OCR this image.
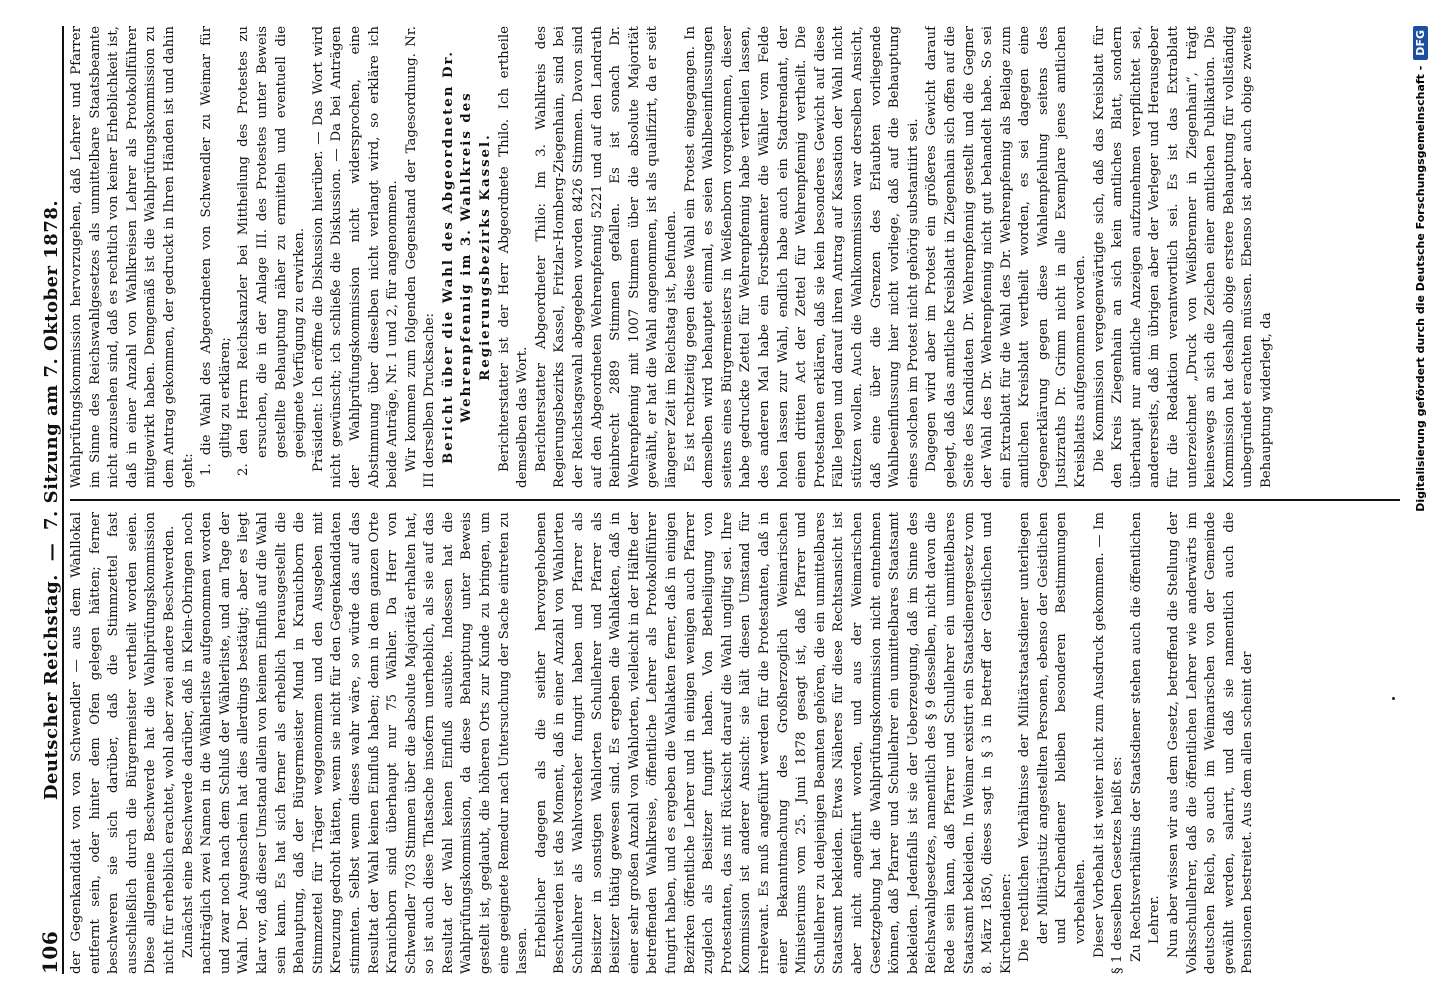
106
Deutscher Reichstag. — 7. Sitzung am 7. Oktober 1878.

der Gegenkandidat von von Schwendler — aus dem Wahllokal entfernt sein, oder hinter dem Ofen gelegen hätten; ferner beschweren sie sich darüber, daß die Stimmzettel fast ausschließlich durch die Bürgermeister vertheilt worden seien. Diese allgemeine Beschwerde hat die Wahlprüfungskommission nicht für erheblich erachtet, wohl aber zwei andere Beschwerden. Zunächst eine Beschwerde darüber, daß in Klein-Obringen noch nachträglich zwei Namen in die Wählerliste aufgenommen worden und zwar noch nach dem Schluß der Wählerliste, und am Tage der Wahl. Der Augenschein hat dies allerdings bestätigt; aber es liegt klar vor, daß dieser Umstand allein von keinem Einfluß auf die Wahl sein kann. Es hat sich ferner als erheblich herausgestellt die Behauptung, daß der Bürgermeister Mund in Kranichborn die Stimmzettel für Träger weggenommen und den Ausgeben mit Kreuzung gedroht hätten, wenn sie nicht für den Gegenkandidaten stimmten. Selbst wenn dieses wahr wäre, so würde das auf das Resultat der Wahl keinen Einfluß haben; denn in dem ganzen Orte Kranichborn sind überhaupt nur 75 Wähler. Da Herr von Schwendler 703 Stimmen über die absolute Majorität erhalten hat, so ist auch diese Thatsache insofern unerheblich, als sie auf das Resultat der Wahl keinen Einfluß ausübte. Indessen hat die Wahlprüfungskommission, da diese Behauptung unter Beweis gestellt ist, geglaubt, die höheren Orts zur Kunde zu bringen, um eine geeignete Remedur nach Untersuchung der Sache eintreten zu lassen. Erheblicher dagegen als die seither hervorgehobenen Beschwerden ist das Moment, daß in einer Anzahl von Wahlorten Schullehrer als Wahlvorsteher fungirt haben und Pfarrer als Beisitzer in sonstigen Wahlorten Schullehrer und Pfarrer als Beisitzer thätig gewesen sind. Es ergeben die Wahlakten, daß in einer sehr großen Anzahl von Wahlorten, vielleicht in der Hälfte der betreffenden Wahlkreise, öffentliche Lehrer als Protokollführer fungirt haben, und es ergeben die Wahlakten ferner, daß in einigen Bezirken öffentliche Lehrer und in einigen wenigen auch Pfarrer zugleich als Beisitzer fungirt haben. Von Betheiligung von Protestanten, das mit Rücksicht darauf die Wahl ungiltig sei. Ihre Kommission ist anderer Ansicht: sie hält diesen Umstand für irrelevant. Es muß angeführt werden für die Protestanten, daß in einer Bekanntmachung des Großherzoglich Weimarischen Ministeriums vom 25. Juni 1878 gesagt ist, daß Pfarrer und Schullehrer zu denjenigen Beamten gehören, die ein unmittelbares Staatsamt bekleiden. Etwas Näheres für diese Rechtsansicht ist aber nicht angeführt worden, und aus der Weimarischen Gesetzgebung hat die Wahlprüfungskommission nicht entnehmen können, daß Pfarrer und Schullehrer ein unmittelbares Staatsamt bekleiden. Jedenfalls ist sie der Ueberzeugung, daß im Sinne des Reichswahlgesetzes, namentlich des § 9 desselben, nicht davon die Rede sein kann, daß Pfarrer und Schullehrer ein unmittelbares Staatsamt bekleiden. In Weimar existirt ein Staatsdienergesetz vom 8. März 1850, dieses sagt in § 3 in Betreff der Geistlichen und Kirchendiener: Die rechtlichen Verhältnisse der Militärstaatsdiener unterliegen der Militärjustiz angestellten Personen, ebenso der Geistlichen und Kirchendiener bleiben besonderen Bestimmungen vorbehalten. Dieser Vorbehalt ist weiter nicht zum Ausdruck gekommen. — Im § 1 desselben Gesetzes heißt es: Zu Rechtsverhältnis der Staatsdiener stehen auch die öffentlichen Lehrer. Nun aber wissen wir aus dem Gesetz, betreffend die Stellung der Volksschullehrer, daß die öffentlichen Lehrer wie anderwärts im deutschen Reich, so auch im Weimarischen von der Gemeinde gewählt werden, salarirt, und daß sie namentlich auch die Pensionen bestreitet. Aus dem allen scheint der

Wahlprüfungskommission hervorzugehen, daß Lehrer und Pfarrer im Sinne des Reichswahlgesetzes als unmittelbare Staatsbeamte nicht anzusehen sind, daß es rechtlich von keiner Erheblichkeit ist, daß in einer Anzahl von Wahlkreisen Lehrer als Protokollführer mitgewirkt haben. Demgemäß ist die Wahlprüfungskommission zu dem Antrag gekommen, der gedruckt in Ihren Händen ist und dahin geht: 1. die Wahl des Abgeordneten von Schwendler zu Weimar für giltig zu erklären; 2. den Herrn Reichskanzler bei Mittheilung des Protestes zu ersuchen, die in der Anlage III. des Protestes unter Beweis gestellte Behauptung näher zu ermitteln und eventuell die geeignete Verfügung zu erwirken. Präsident: Ich eröffne die Diskussion hierüber. — Das Wort wird nicht gewünscht; ich schließe die Diskussion. — Da bei Anträgen der Wahlprüfungskommission nicht widersprochen, eine Abstimmung über dieselben nicht verlangt wird, so erkläre ich beide Anträge, Nr. 1 und 2, für angenommen. Wir kommen zum folgenden Gegenstand der Tagesordnung. Nr. III derselben Drucksache: Bericht über die Wahl des Abgeordneten Dr. Wehrenpfennig im 3. Wahlkreis des Regierungsbezirks Kassel. Berichterstatter ist der Herr Abgeordnete Thilo. Ich ertheile demselben das Wort. Berichterstatter Abgeordneter Thilo: Im 3. Wahlkreis des Regierungsbezirks Kassel, Fritzlar-Homberg-Ziegenhain, sind bei der Reichstagswahl abgegeben worden 8426 Stimmen. Davon sind auf den Abgeordneten Wehrenpfennig 5221 und auf den Landrath Reinbrecht 2889 Stimmen gefallen. Es ist sonach Dr. Wehrenpfennig mit 1007 Stimmen über die absolute Majorität gewählt, er hat die Wahl angenommen, ist als qualifizirt, da er seit längerer Zeit im Reichstag ist, befunden. Es ist rechtzeitig gegen diese Wahl ein Protest eingegangen. In demselben wird behauptet einmal, es seien Wahlbeeinflussungen seitens eines Bürgermeisters in Weißenborn vorgekommen, dieser habe gedruckte Zettel für Wehrenpfennig habe vertheilen lassen, des anderen Mal habe ein Forstbeamter die Wähler vom Felde holen lassen zur Wahl, endlich habe auch ein Stadtrendant, der einen dritten Act der Zettel für Wehrenpfennig vertheilt. Die Protestanten erklären, daß sie kein besonderes Gewicht auf diese Fälle legen und darauf ihren Antrag auf Kassation der Wahl nicht stützen wollen. Auch die Wahlkommission war derselben Ansicht, daß eine über die Grenzen des Erlaubten vorliegende Wahlbeeinflussung hier nicht vorliege, daß auf die Behauptung eines solchen im Protest nicht gehörig substantiirt sei. Dagegen wird aber im Protest ein größeres Gewicht darauf gelegt, daß das amtliche Kreisblatt in Ziegenhain sich offen auf die Seite des Kandidaten Dr. Wehrenpfennig gestellt und die Gegner der Wahl des Dr. Wehrenpfennig nicht gut behandelt habe. So sei ein Extrablatt für die Wahl des Dr. Wehrenpfennig als Beilage zum amtlichen Kreisblatt vertheilt worden, es sei dagegen eine Gegenerklärung gegen diese Wahlempfehlung seitens des Justizraths Dr. Grimm nicht in alle Exemplare jenes amtlichen Kreisblatts aufgenommen worden. Die Kommission vergegenwärtigte sich, daß das Kreisblatt für den Kreis Ziegenhain an sich kein amtliches Blatt, sondern überhaupt nur amtliche Anzeigen aufzunehmen verpflichtet sei, andererseits, daß im übrigen aber der Verleger und Herausgeber für die Redaktion verantwortlich sei. Es ist das Extrablatt unterzeichnet „Druck von Weißbrenner in Ziegenhain“, trägt keineswegs an sich die Zeichen einer amtlichen Publikation. Die Kommission hat deshalb obige erstere Behauptung für vollständig unbegründet erachten müssen. Ebenso ist aber auch obige zweite Behauptung widerlegt, da	Digitalisierung gefördert durch die Deutsche Forschungsgemeinschaft -
DFG
